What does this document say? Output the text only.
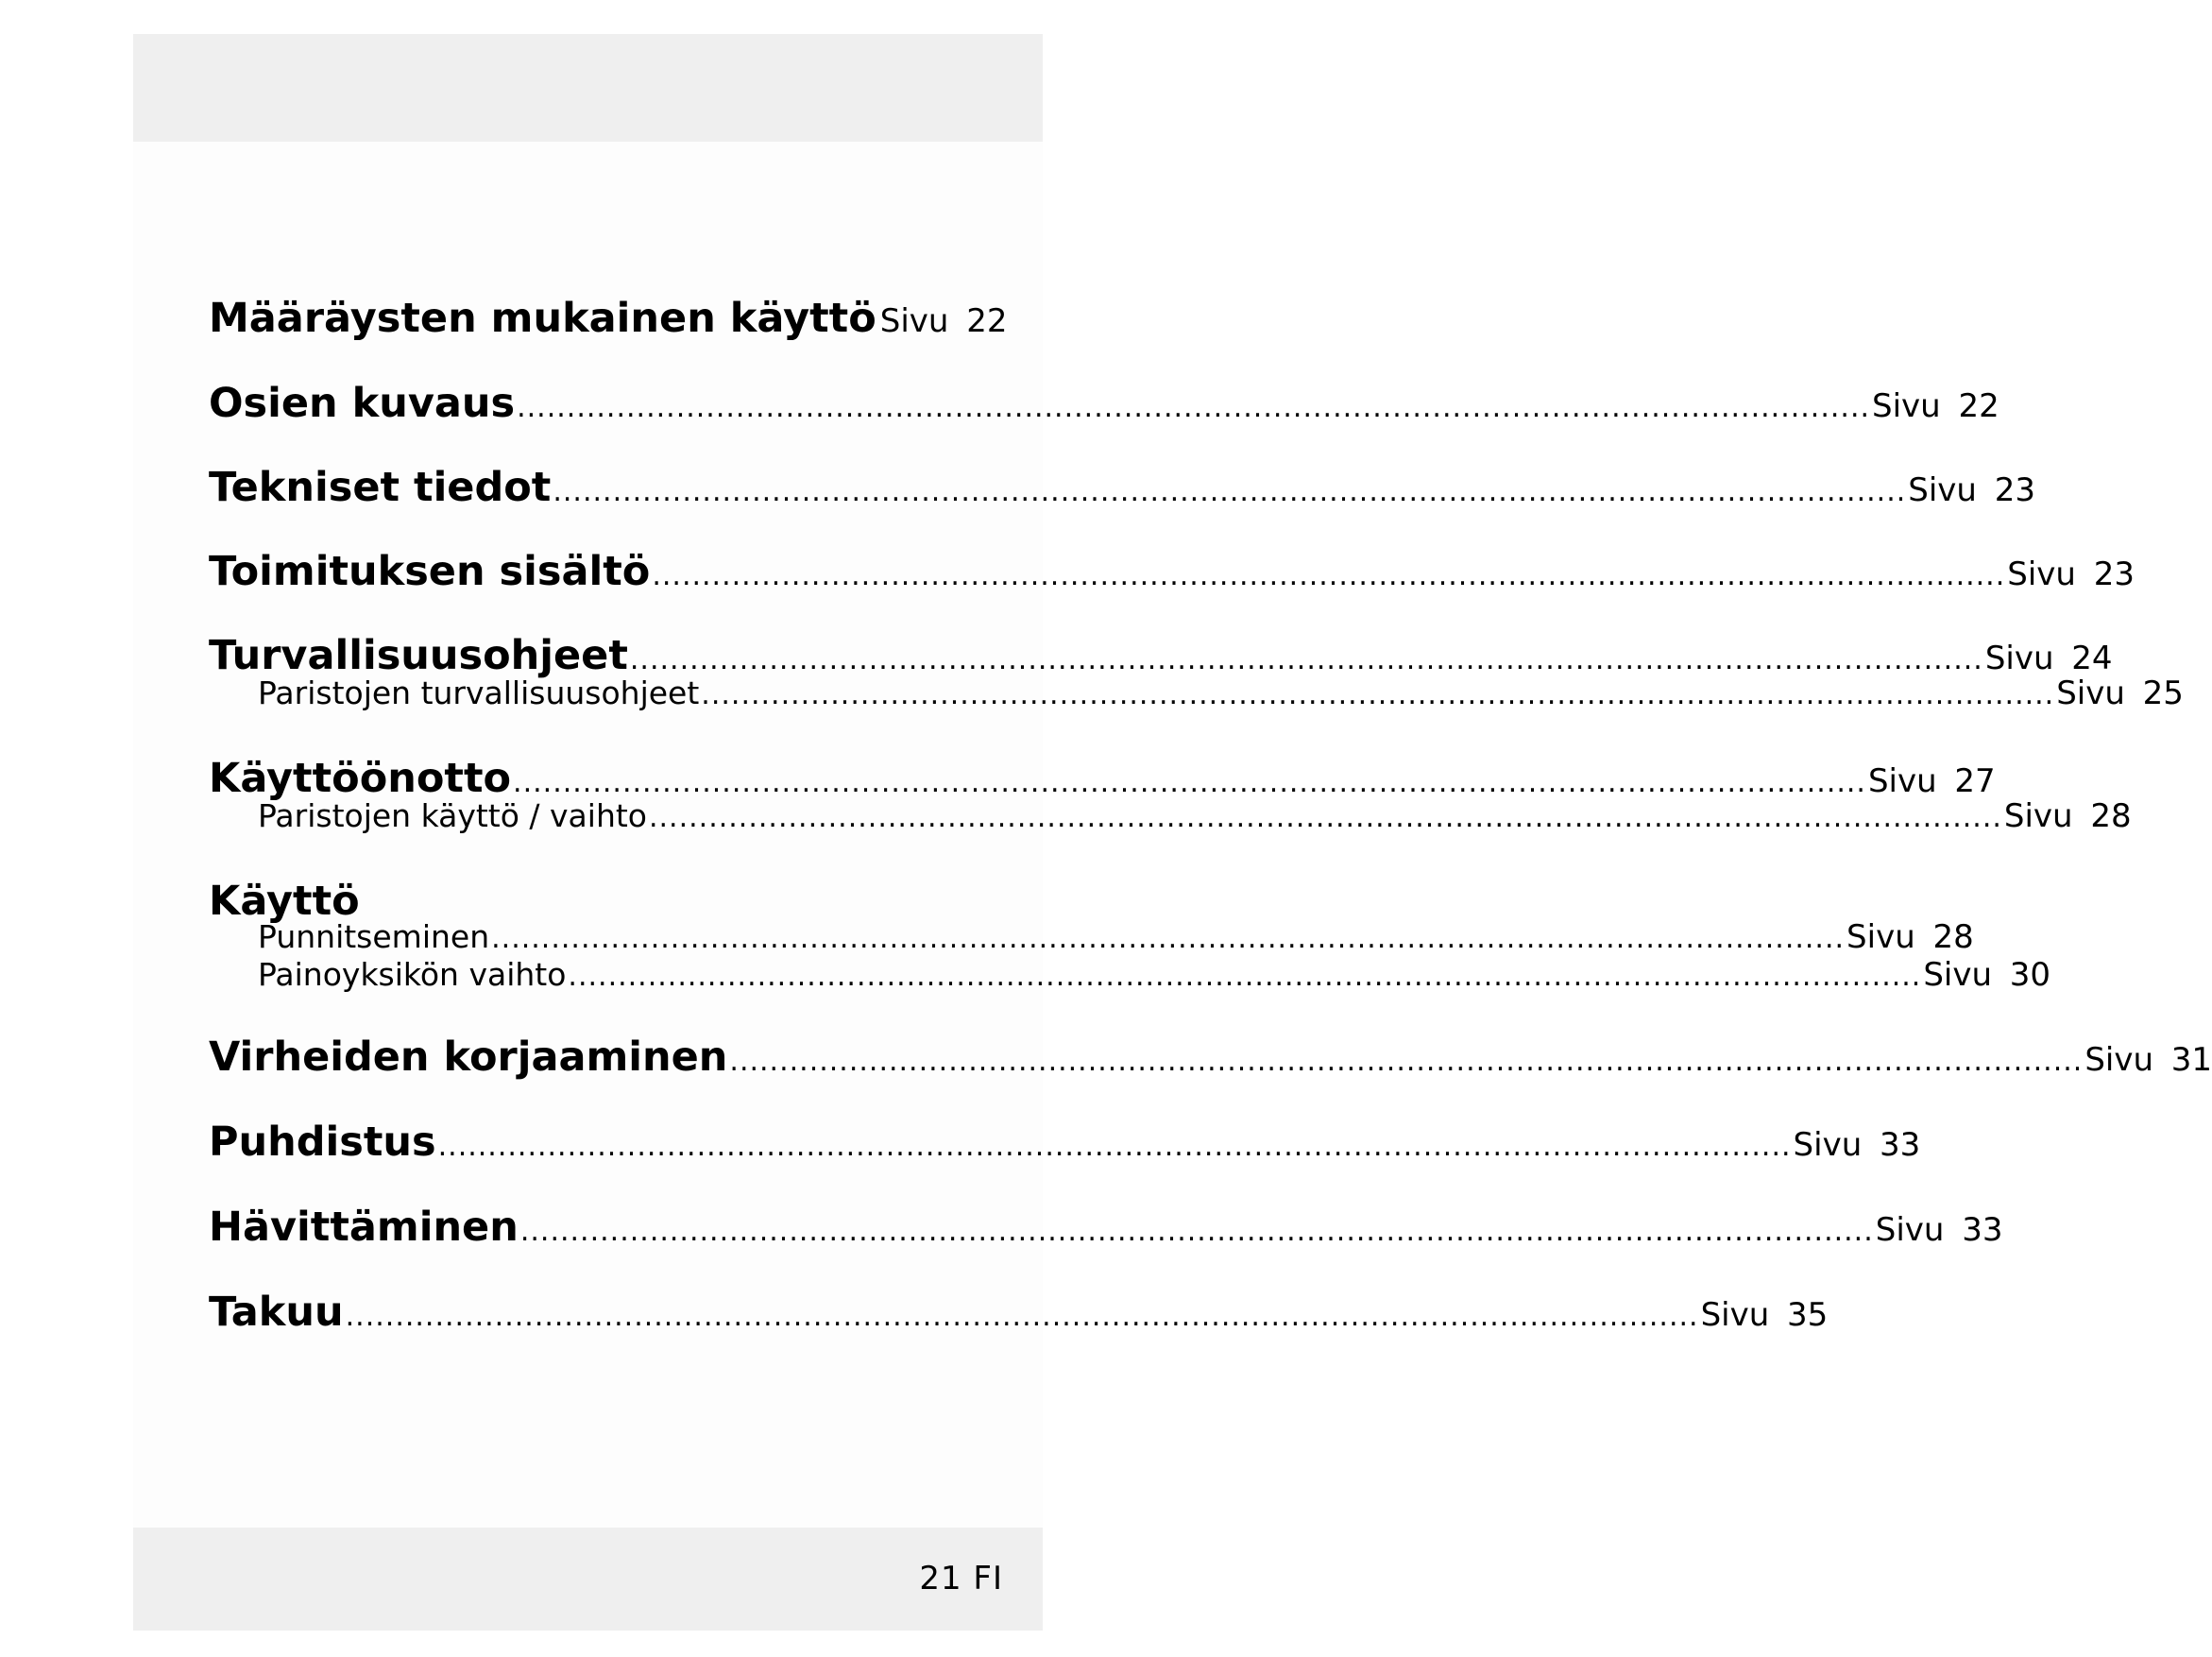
Määräysten mukainen käyttö Sivu 22
Osien kuvaus .....	Sivu 22
Tekniset tiedot .....	Sivu 23
Toimituksen sisältö .....	Sivu 23
Turvallisuusohjeet .....	Sivu 24
Paristojen turvallisuusohjeet .....	Sivu 25
Käyttöönotto .....	Sivu 27
Paristojen käyttö / vaihto .....	Sivu 28
Käyttö
Punnitseminen .....	Sivu 28
Painoyksikön vaihto .....	Sivu 30
Virheiden korjaaminen .....	Sivu 31
Puhdistus .....	Sivu 33
Hävittäminen .....	Sivu 33
Takuu .....	Sivu 35
21 FI
